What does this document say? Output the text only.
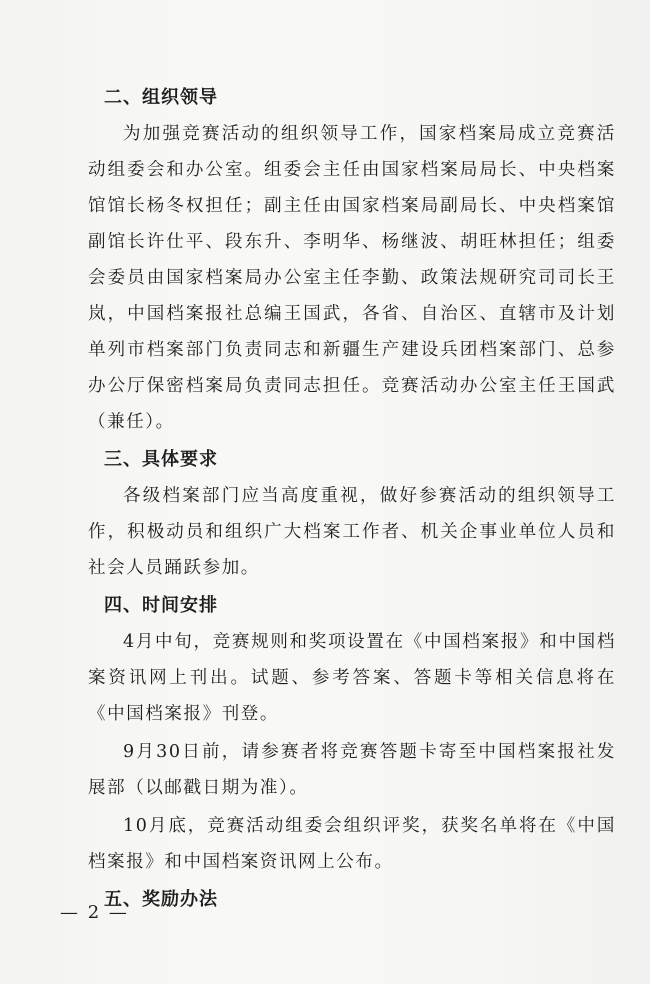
二、组织领导

为加强竞赛活动的组织领导工作，国家档案局成立竞赛活动组委会和办公室。组委会主任由国家档案局局长、中央档案馆馆长杨冬权担任；副主任由国家档案局副局长、中央档案馆副馆长许仕平、段东升、李明华、杨继波、胡旺林担任；组委会委员由国家档案局办公室主任李勤、政策法规研究司司长王岚，中国档案报社总编王国武，各省、自治区、直辖市及计划单列市档案部门负责同志和新疆生产建设兵团档案部门、总参办公厅保密档案局负责同志担任。竞赛活动办公室主任王国武（兼任）。

三、具体要求

各级档案部门应当高度重视，做好参赛活动的组织领导工作，积极动员和组织广大档案工作者、机关企事业单位人员和社会人员踊跃参加。

四、时间安排

4月中旬，竞赛规则和奖项设置在《中国档案报》和中国档案资讯网上刊出。试题、参考答案、答题卡等相关信息将在《中国档案报》刊登。

9月30日前，请参赛者将竞赛答题卡寄至中国档案报社发展部（以邮戳日期为准）。

10月底，竞赛活动组委会组织评奖，获奖名单将在《中国档案报》和中国档案资讯网上公布。

五、奖励办法
— 2 —
